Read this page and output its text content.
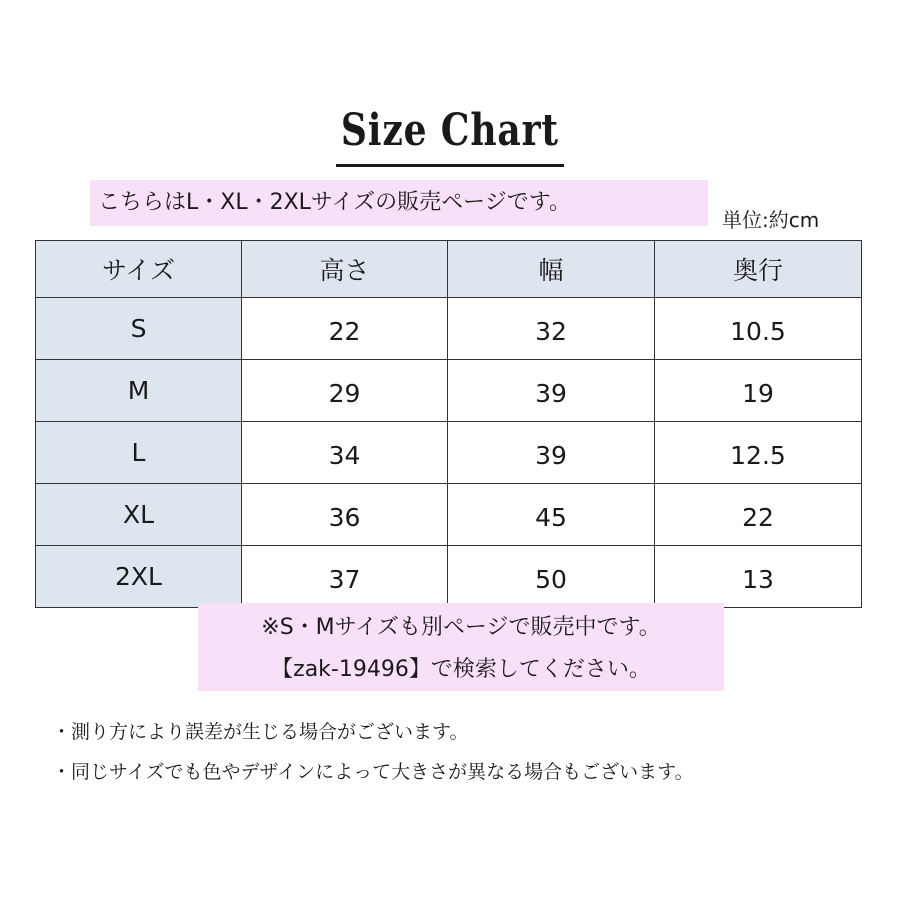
Size Chart
こちらはL・XL・2XLサイズの販売ページです。
単位:約cm
サイズ	高さ	幅	奥行
S	22	32	10.5
M	29	39	19
L	34	39	12.5
XL	36	45	22
2XL	37	50	13
※S・Mサイズも別ページで販売中です。
【zak-19496】で検索してください。
・測り方により誤差が生じる場合がございます。
・同じサイズでも色やデザインによって大きさが異なる場合もございます。
